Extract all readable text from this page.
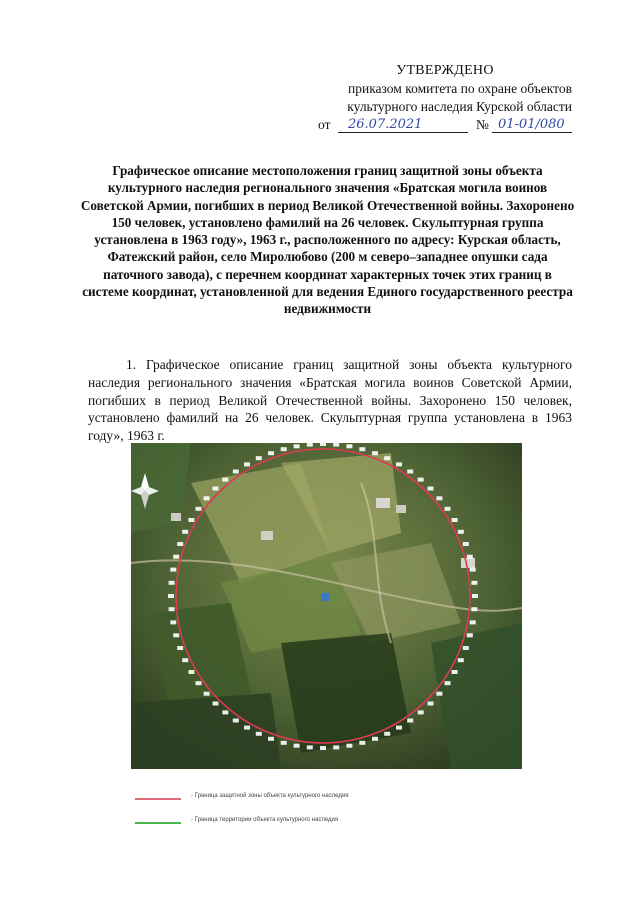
УТВЕРЖДЕНО
приказом комитета по охране объектов
культурного наследия Курской области
от 26.07.2021	№ 01-01/080
Графическое описание местоположения границ защитной зоны объекта культурного наследия регионального значения «Братская могила воинов Советской Армии, погибших в период Великой Отечественной войны. Захоронено 150 человек, установлено фамилий на 26 человек. Скульптурная группа установлена в 1963 году», 1963 г., расположенного по адресу: Курская область, Фатежский район, село Миролюбово (200 м северо–западнее опушки сада паточного завода), с перечнем координат характерных точек этих границ в системе координат, установленной для ведения Единого государственного реестра недвижимости
1. Графическое описание границ защитной зоны объекта культурного наследия регионального значения «Братская могила воинов Советской Армии, погибших в период Великой Отечественной войны. Захоронено 150 человек, установлено фамилий на 26 человек. Скульптурная группа установлена в 1963 году», 1963 г.
- Граница защитной зоны объекта культурного наследия
- Граница территории объекта культурного наследия
